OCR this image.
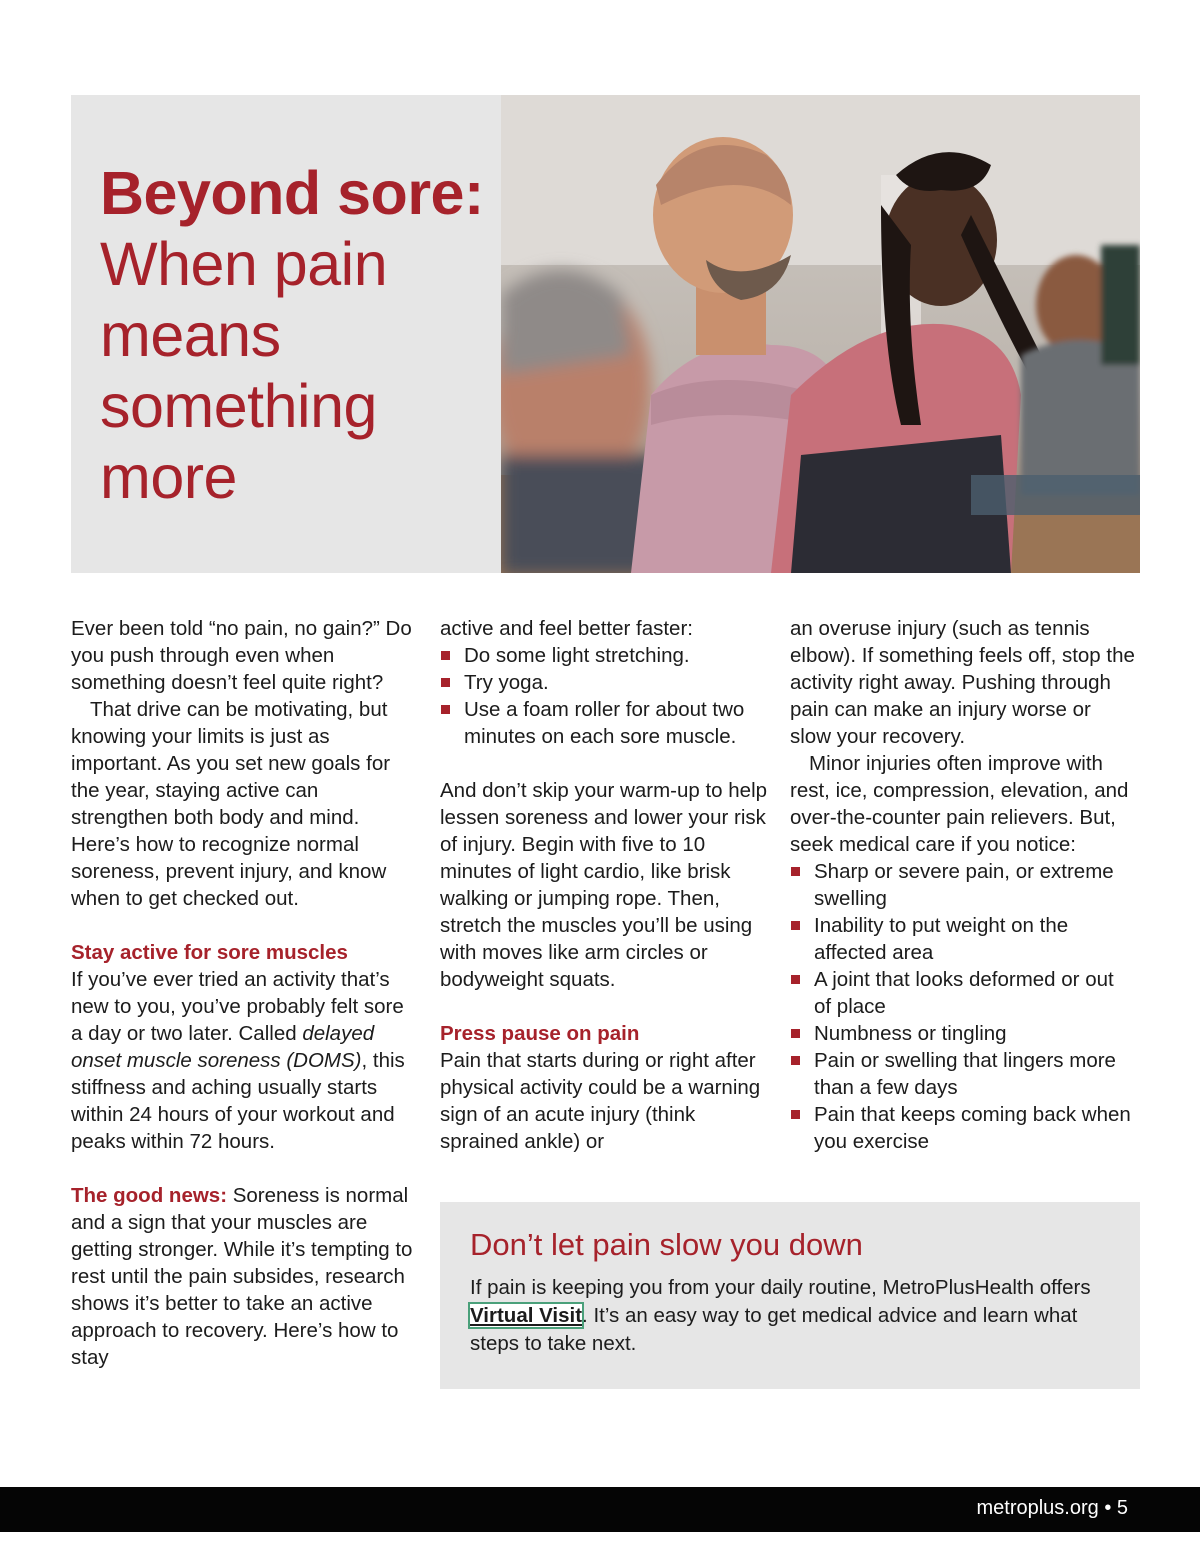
Beyond sore: When pain means something more

Ever been told “no pain, no gain?” Do you push through even when something doesn’t feel quite right?

That drive can be motivating, but knowing your limits is just as important. As you set new goals for the year, staying active can strengthen both body and mind. Here’s how to recognize normal soreness, prevent injury, and know when to get checked out.

Stay active for sore muscles

If you’ve ever tried an activity that’s new to you, you’ve probably felt sore a day or two later. Called delayed onset muscle soreness (DOMS), this stiffness and aching usually starts within 24 hours of your workout and peaks within 72 hours.

The good news: Soreness is normal and a sign that your muscles are getting stronger. While it’s tempting to rest until the pain subsides, research shows it’s better to take an active approach to recovery. Here’s how to stay

active and feel better faster:

Do some light stretching.
Try yoga.
Use a foam roller for about two minutes on each sore muscle.

And don’t skip your warm-up to help lessen soreness and lower your risk of injury. Begin with five to 10 minutes of light cardio, like brisk walking or jumping rope. Then, stretch the muscles you’ll be using with moves like arm circles or bodyweight squats.

Press pause on pain

Pain that starts during or right after physical activity could be a warning sign of an acute injury (think sprained ankle) or

an overuse injury (such as tennis elbow). If something feels off, stop the activity right away. Pushing through pain can make an injury worse or slow your recovery.

Minor injuries often improve with rest, ice, compression, elevation, and over-the-counter pain relievers. But, seek medical care if you notice:

Sharp or severe pain, or extreme swelling
Inability to put weight on the affected area
A joint that looks deformed or out of place
Numbness or tingling
Pain or swelling that lingers more than a few days
Pain that keeps coming back when you exercise
Don’t let pain slow you down

If pain is keeping you from your daily routine, MetroPlusHealth offers Virtual Visit. It’s an easy way to get medical advice and learn what steps to take next.

metroplus.org • 5
